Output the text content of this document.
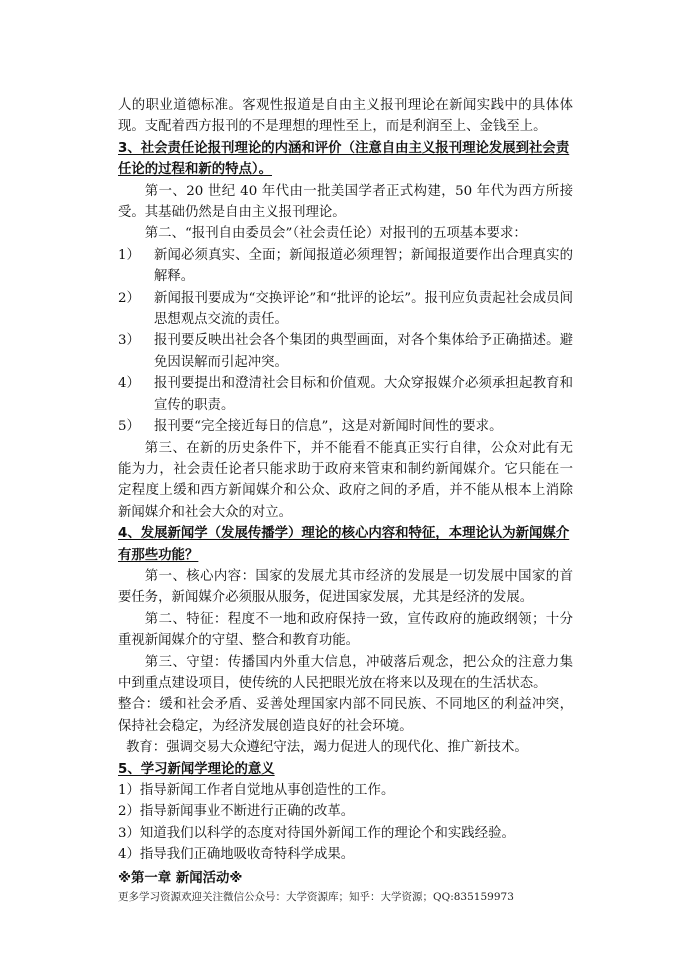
人的职业道德标准。客观性报道是自由主义报刊理论在新闻实践中的具体体现。支配着西方报刊的不是理想的理性至上，而是利润至上、金钱至上。

3、社会责任论报刊理论的内涵和评价（注意自由主义报刊理论发展到社会责任论的过程和新的特点）。

第一、20 世纪 40 年代由一批美国学者正式构建，50 年代为西方所接受。其基础仍然是自由主义报刊理论。

第二、“报刊自由委员会”（社会责任论）对报刊的五项基本要求：

1）	新闻必须真实、全面；新闻报道必须理智；新闻报道要作出合理真实的解释。
2）	新闻报刊要成为“交换评论”和“批评的论坛”。报刊应负责起社会成员间思想观点交流的责任。
3）	报刊要反映出社会各个集团的典型画面，对各个集体给予正确描述。避免因误解而引起冲突。
4）	报刊要提出和澄清社会目标和价值观。大众穿报媒介必须承担起教育和宣传的职责。
5）	报刊要“完全接近每日的信息”，这是对新闻时间性的要求。

第三、在新的历史条件下，并不能看不能真正实行自律，公众对此有无能为力，社会责任论者只能求助于政府来管束和制约新闻媒介。它只能在一定程度上缓和西方新闻媒介和公众、政府之间的矛盾，并不能从根本上消除新闻媒介和社会大众的对立。

4、发展新闻学（发展传播学）理论的核心内容和特征，本理论认为新闻媒介有那些功能？

第一、核心内容：国家的发展尤其市经济的发展是一切发展中国家的首要任务，新闻媒介必须服从服务，促进国家发展，尤其是经济的发展。

第二、特征：程度不一地和政府保持一致，宣传政府的施政纲领；十分重视新闻媒介的守望、整合和教育功能。

第三、守望：传播国内外重大信息，冲破落后观念，把公众的注意力集中到重点建设项目，使传统的人民把眼光放在将来以及现在的生活状态。

整合：缓和社会矛盾、妥善处理国家内部不同民族、不同地区的利益冲突，保持社会稳定，为经济发展创造良好的社会环境。

教育：强调交易大众遵纪守法，竭力促进人的现代化、推广新技术。

5、学习新闻学理论的意义

1）指导新闻工作者自觉地从事创造性的工作。

2）指导新闻事业不断进行正确的改革。

3）知道我们以科学的态度对待国外新闻工作的理论个和实践经验。

4）指导我们正确地吸收奇特科学成果。

※第一章 新闻活动※

更多学习资源欢迎关注微信公众号：大学资源库；知乎：大学资源；QQ:835159973
